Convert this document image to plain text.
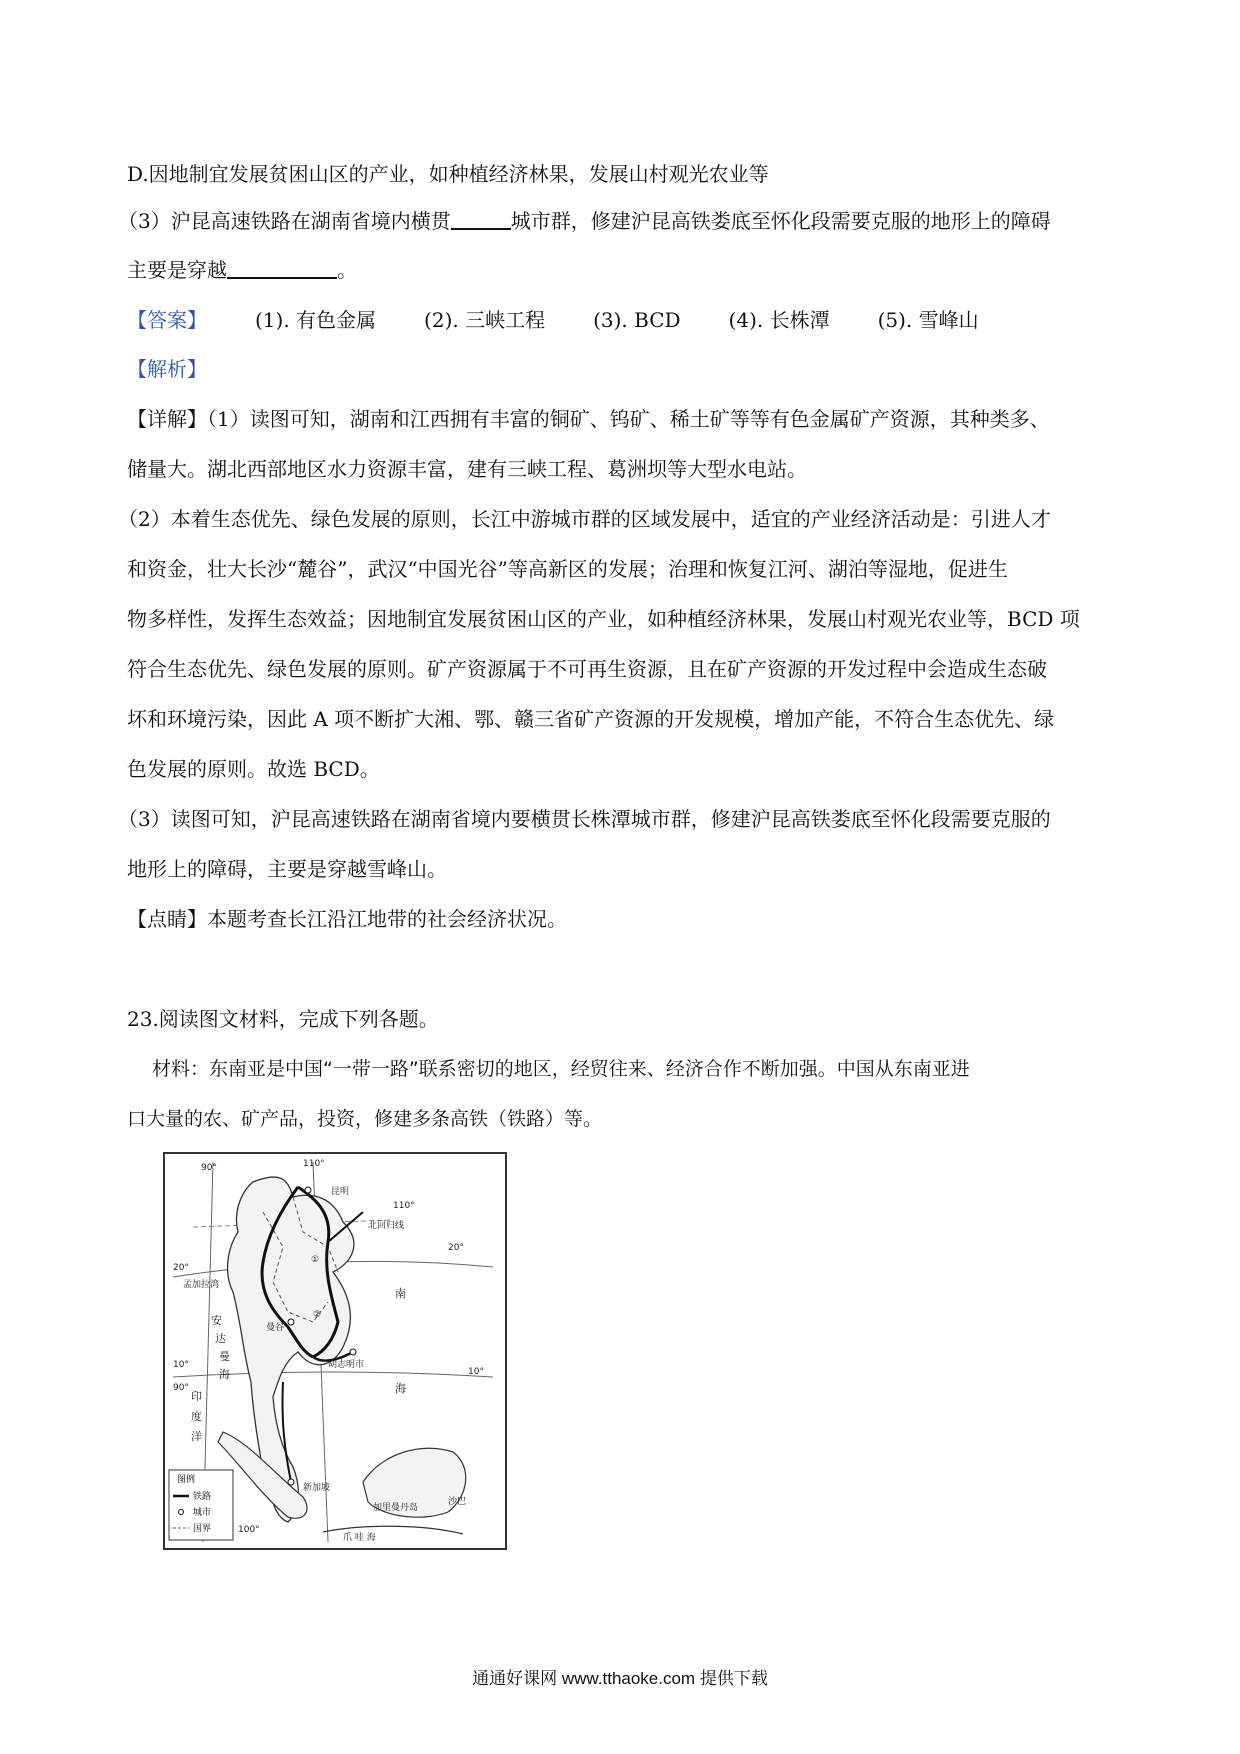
D.因地制宜发展贫困山区的产业，如种植经济林果，发展山村观光农业等
（3）沪昆高速铁路在湖南省境内横贯	城市群，修建沪昆高铁娄底至怀化段需要克服的地形上的障碍
主要是穿越	。
【答案】 (1). 有色金属 (2). 三峡工程 (3). BCD (4). 长株潭 (5). 雪峰山
【解析】
【详解】（1）读图可知，湖南和江西拥有丰富的铜矿、钨矿、稀土矿等等有色金属矿产资源，其种类多、
储量大。湖北西部地区水力资源丰富，建有三峡工程、葛洲坝等大型水电站。
（2）本着生态优先、绿色发展的原则，长江中游城市群的区域发展中，适宜的产业经济活动是：引进人才
和资金，壮大长沙“麓谷”，武汉“中国光谷”等高新区的发展；治理和恢复江河、湖泊等湿地，促进生
物多样性，发挥生态效益；因地制宜发展贫困山区的产业，如种植经济林果，发展山村观光农业等，BCD 项
符合生态优先、绿色发展的原则。矿产资源属于不可再生资源，且在矿产资源的开发过程中会造成生态破
坏和环境污染，因此 A 项不断扩大湘、鄂、赣三省矿产资源的开发规模，增加产能，不符合生态优先、绿
色发展的原则。故选 BCD。
（3）读图可知，沪昆高速铁路在湖南省境内要横贯长株潭城市群，修建沪昆高铁娄底至怀化段需要克服的
地形上的障碍，主要是穿越雪峰山。
【点睛】本题考查长江沿江地带的社会经济状况。
23.阅读图文材料，完成下列各题。
材料：东南亚是中国“一带一路”联系密切的地区，经贸往来、经济合作不断加强。中国从东南亚进
口大量的农、矿产品，投资，修建多条高铁（铁路）等。
90°	110°
110°
20°
20°
10°
10°
90°
100°
昆明
北回归线
孟加拉湾
曼谷
胡志明市
新加坡
加里曼丹岛
沙巴
爪 哇 海
①
②
安
达
曼
海
印
度
洋
南
海
图例
铁路
城市
国界
通通好课网 www.tthaoke.com 提供下载
